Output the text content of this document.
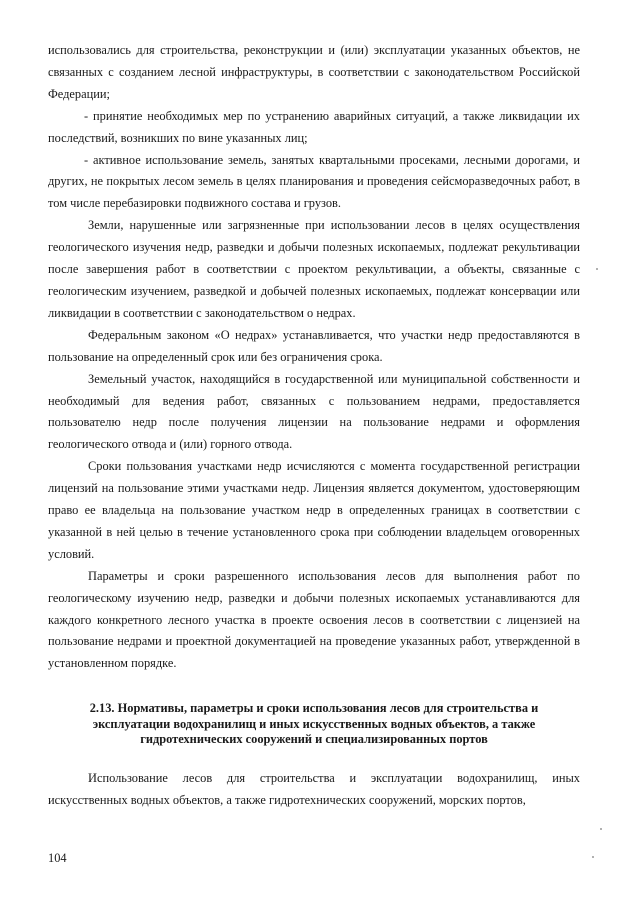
использовались для строительства, реконструкции и (или) эксплуатации указанных объектов, не связанных с созданием лесной инфраструктуры, в соответствии с законодательством Российской Федерации;

- принятие необходимых мер по устранению аварийных ситуаций, а также ликвидации их последствий, возникших по вине указанных лиц;

- активное использование земель, занятых квартальными просеками, лесными дорогами, и других, не покрытых лесом земель в целях планирования и проведения сейсморазведочных работ, в том числе перебазировки подвижного состава и грузов.

Земли, нарушенные или загрязненные при использовании лесов в целях осуществления геологического изучения недр, разведки и добычи полезных ископаемых, подлежат рекультивации после завершения работ в соответствии с проектом рекультивации, а объекты, связанные с геологическим изучением, разведкой и добычей полезных ископаемых, подлежат консервации или ликвидации в соответствии с законодательством о недрах.

Федеральным законом «О недрах» устанавливается, что участки недр предоставляются в пользование на определенный срок или без ограничения срока.

Земельный участок, находящийся в государственной или муниципальной собственности и необходимый для ведения работ, связанных с пользованием недрами, предоставляется пользователю недр после получения лицензии на пользование недрами и оформления геологического отвода и (или) горного отвода.

Сроки пользования участками недр исчисляются с момента государственной регистрации лицензий на пользование этими участками недр. Лицензия является документом, удостоверяющим право ее владельца на пользование участком недр в определенных границах в соответствии с указанной в ней целью в течение установленного срока при соблюдении владельцем оговоренных условий.

Параметры и сроки разрешенного использования лесов для выполнения работ по геологическому изучению недр, разведки и добычи полезных ископаемых устанавливаются для каждого конкретного лесного участка в проекте освоения лесов в соответствии с лицензией на пользование недрами и проектной документацией на проведение указанных работ, утвержденной в установленном порядке.

2.13. Нормативы, параметры и сроки использования лесов для строительства и эксплуатации водохранилищ и иных искусственных водных объектов, а также гидротехнических сооружений и специализированных портов

Использование лесов для строительства и эксплуатации водохранилищ, иных искусственных водных объектов, а также гидротехнических сооружений, морских портов,

104
